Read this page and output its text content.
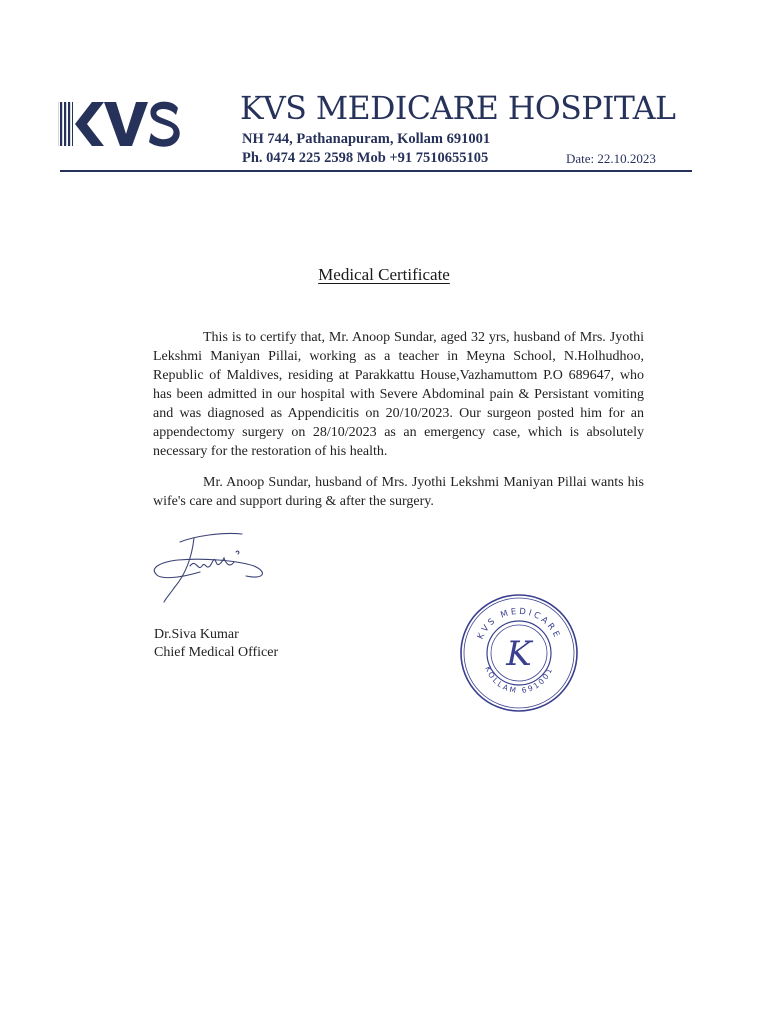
KVS MEDICARE HOSPITAL
NH 744, Pathanapuram, Kollam 691001
Ph. 0474 225 2598 Mob +91 7510655105	Date: 22.10.2023
Medical Certificate

This is to certify that, Mr. Anoop Sundar, aged 32 yrs, husband of Mrs. Jyothi Lekshmi Maniyan Pillai, working as a teacher in Meyna School, N.Holhudhoo, Republic of Maldives, residing at Parakkattu House,Vazhamuttom P.O 689647, who has been admitted in our hospital with Severe Abdominal pain & Persistant vomiting and was diagnosed as Appendicitis on 20/10/2023. Our surgeon posted him for an appendectomy surgery on 28/10/2023 as an emergency case, which is absolutely necessary for the restoration of his health.

Mr. Anoop Sundar, husband of Mrs. Jyothi Lekshmi Maniyan Pillai wants his wife's care and support during & after the surgery.

Dr.Siva Kumar
Chief Medical Officer
KVS MEDICARE
KOLLAM 691001
K
